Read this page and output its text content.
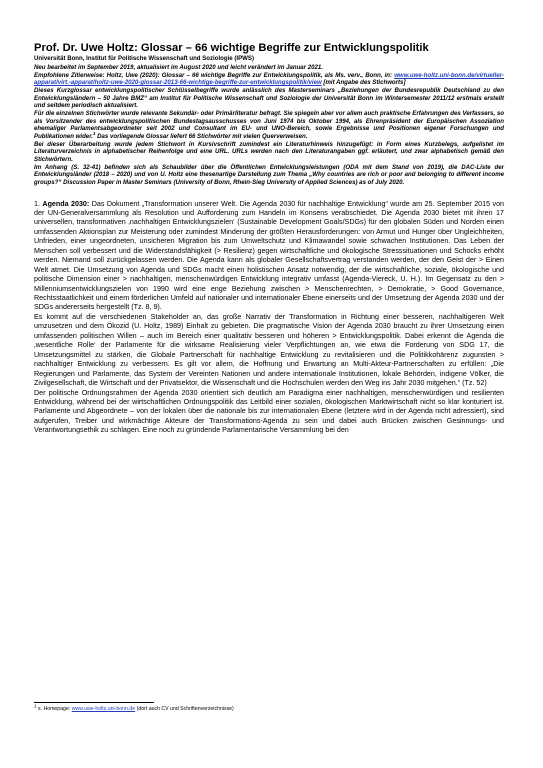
Prof. Dr. Uwe Holtz: Glossar – 66 wichtige Begriffe zur Entwicklungspolitik
Universität Bonn, Institut für Politische Wissenschaft und Soziologie (IPWS)

Neu bearbeitet im September 2019, aktualisiert im August 2020 und leicht verändert im Januar 2021.

Empfohlene Zitierweise: Holtz, Uwe (2020): Glossar – 66 wichtige Begriffe zur Entwicklungspolitik, als Ms. verv., Bonn, in: www.uwe-holtz.uni-bonn.de/virtueller-apparat/virt.-apparat/holtz-uwe-2020-glossar-2013-66-wichtige-begriffe-zur-entwicklungspolitik/view [mit Angabe des Stichworts]

Dieses Kurzglossar entwicklungspolitischer Schlüsselbegriffe wurde anlässlich des Masterseminars „Beziehungen der Bundesrepublik Deutschland zu den Entwicklungsländern – 50 Jahre BMZ“ am Institut für Politische Wissenschaft und Soziologie der Universität Bonn im Wintersemester 2011/12 erstmals erstellt und seitdem periodisch aktualisiert.

Für die einzelnen Stichwörter wurde relevante Sekundär- oder Primärliteratur befragt. Sie spiegeln aber vor allem auch praktische Erfahrungen des Verfassers, so als Vorsitzender des entwicklungspolitischen Bundestagsausschusses von Juni 1974 bis Oktober 1994, als Ehrenpräsident der Europäischen Assoziation ehemaliger Parlamentsabgeordneter seit 2002 und Consultant im EU- und UNO-Bereich, sowie Ergebnisse und Positionen eigener Forschungen und Publikationen wider.$^1$ Das vorliegende Glossar liefert 66 Stichwörter mit vielen Querverweisen.

Bei dieser Überarbeitung wurde jedem Stichwort in Kursivschrift zumindest ein Literaturhinweis hinzugefügt: in Form eines Kurzbelegs, aufgelistet im Literaturverzeichnis in alphabetischer Reihenfolge und eine URL. URLs werden nach den Literaturangaben ggf. erläutert, und zwar alphabetisch gemäß den Stichwörtern.

Im Anhang (S. 32-41) befinden sich als Schaubilder über die Öffentlichen Entwicklungsleistungen (ODA mit dem Stand von 2019), die DAC-Liste der Entwicklungsländer (2018 – 2020) und von U. Holtz eine thesenartige Darstellung zum Thema „Why countries are rich or poor and belonging to different income groups?“ Discussion Paper in Master Seminars (University of Bonn, Rhein-Sieg University of Applied Sciences) as of July 2020.

1. Agenda 2030: Das Dokument „Transformation unserer Welt. Die Agenda 2030 für nachhaltige Entwicklung“ wurde am 25. September 2015 von der UN-Generalversammlung als Resolution und Aufforderung zum Handeln im Konsens verabschiedet. Die Agenda 2030 bietet mit ihren 17 universellen, transformativen ‚nachhaltigen Entwicklungszielen‘ (Sustainable Development Goals/SDGs) für den globalen Süden und Norden einen umfassenden Aktionsplan zur Meisterung oder zumindest Minderung der größten Herausforderungen: von Armut und Hunger über Ungleichheiten, Unfrieden, einer ungeordneten, unsicheren Migration bis zum Umweltschutz und Klimawandel sowie schwachen Institutionen. Das Leben der Menschen soll verbessert und die Widerstandsfähigkeit (> Resilienz) gegen wirtschaftliche und ökologische Stresssituationen und Schocks erhöht werden. Niemand soll zurückgelassen werden. Die Agenda kann als globaler Gesellschaftsvertrag verstanden werden, der den Geist der > Einen Welt atmet. Die Umsetzung von Agenda und SDGs macht einen holistischen Ansatz notwendig, der die wirtschaftliche, soziale, ökologische und politische Dimension einer > nachhaltigen, menschenwürdigen Entwicklung integrativ umfasst (Agenda-Viereck, U. H.). Im Gegensatz zu den > Millenniumsentwicklungszielen von 1990 wird eine enge Beziehung zwischen > Menschenrechten, > Demokratie, > Good Governance, Rechtsstaatlichkeit und einem förderlichen Umfeld auf nationaler und internationaler Ebene einerseits und der Umsetzung der Agenda 2030 und der SDGs andererseits hergestellt (Tz. 8, 9).

Es kommt auf die verschiedenen Stakeholder an, das große Narrativ der Transformation in Richtung einer besseren, nachhaltigeren Welt umzusetzen und dem Ökozid (U. Holtz, 1989) Einhalt zu gebieten. Die pragmatische Vision der Agenda 2030 braucht zu ihrer Umsetzung einen umfassenden politischen Willen – auch im Bereich einer qualitativ besseren und höheren > Entwicklungspolitik. Dabei erkennt die Agenda die ‚wesentliche Rolle‘ der Parlamente für die wirksame Realisierung vieler Verpflichtungen an, wie etwa die Forderung von SDG 17, die Umsetzungsmittel zu stärken, die Globale Partnerschaft für nachhaltige Entwicklung zu revitalisieren und die Politikkohärenz zugunsten > nachhaltiger Entwicklung zu verbessern. Es gilt vor allem, die Hoffnung und Erwartung an Multi-Akteur-Partnerschaften zu erfüllen: „Die Regierungen und Parlamente, das System der Vereinten Nationen und andere internationale Institutionen, lokale Behörden, indigene Völker, die Zivilgesellschaft, die Wirtschaft und der Privatsektor, die Wissenschaft und die Hochschulen werden den Weg ins Jahr 2030 mitgehen.“ (Tz. 52)

Der politische Ordnungsrahmen der Agenda 2030 orientiert sich deutlich am Paradigma einer nachhaltigen, menschenwürdigen und resilienten Entwicklung, während bei der wirtschaftlichen Ordnungspolitik das Leitbild einer sozialen, ökologischen Marktwirtschaft nicht so klar konturiert ist. Parlamente und Abgeordnete – von der lokalen über die nationale bis zur internationalen Ebene (letztere wird in der Agenda nicht adressiert), sind aufgerufen, Treiber und wirkmächtige Akteure der Transformations-Agenda zu sein und dabei auch Brücken zwischen Gesinnungs- und Verantwortungsethik zu schlagen. Eine noch zu gründende Parlamentarische Versammlung bei den

$^1$ s. Homepage: www.uwe-holtz.uni-bonn.de (dort auch CV und Schriftenverzeichnisse)
